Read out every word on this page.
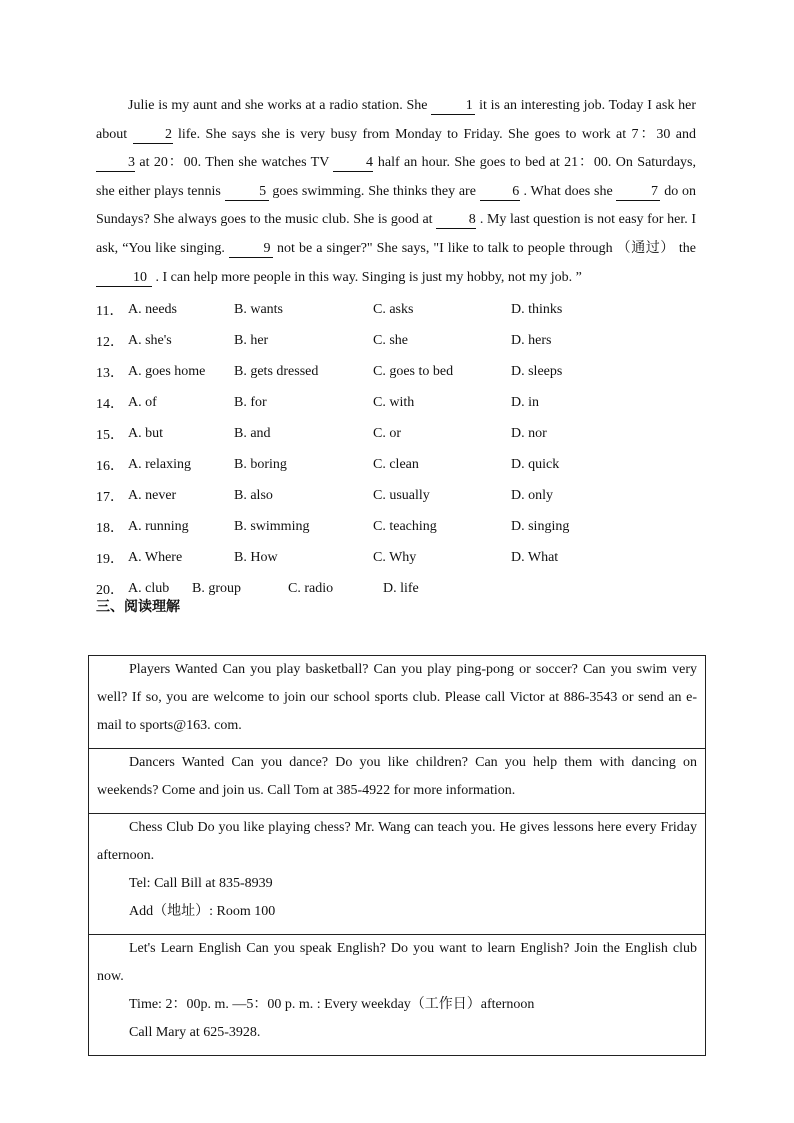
Julie is my aunt and she works at a radio station. She 1 it is an interesting job. Today I ask her about 2 life. She says she is very busy from Monday to Friday. She goes to work at 7：30 and 3 at 20：00. Then she watches TV 4 half an hour. She goes to bed at 21：00. On Saturdays, she either plays tennis 5 goes swimming. She thinks they are 6 . What does she 7 do on Sundays? She always goes to the music club. She is good at 8 . My last question is not easy for her. I ask, “You like singing. 9 not be a singer?" She says, "I like to talk to people through （通过） the 10 . I can help more people in this way. Singing is just my hobby, not my job. ”

11． A. needs	B. wants	C. asks	D. thinks
12． A. she's	B. her	C. she	D. hers
13． A. goes home	B. gets dressed	C. goes to bed	D. sleeps
14． A. of	B. for	C. with	D. in
15． A. but	B. and	C. or	D. nor
16． A. relaxing	B. boring	C. clean	D. quick
17． A. never	B. also	C. usually	D. only
18． A. running	B. swimming	C. teaching	D. singing
19． A. Where	B. How	C. Why	D. What
20． A. club	B. group	C. radio	D. life
三、阅读理解

Players Wanted Can you play basketball? Can you play ping-pong or soccer? Can you swim very well? If so, you are welcome to join our school sports club. Please call Victor at 886-3543 or send an e-mail to sports@163. com.

Dancers Wanted Can you dance? Do you like children? Can you help them with dancing on weekends? Come and join us. Call Tom at 385-4922 for more information.

Chess Club Do you like playing chess? Mr. Wang can teach you. He gives lessons here every Friday afternoon.

Tel: Call Bill at 835-8939

Add（地址）: Room 100

Let's Learn English Can you speak English? Do you want to learn English? Join the English club now.

Time: 2：00p. m. —5：00 p. m. : Every weekday（工作日）afternoon

Call Mary at 625-3928.
